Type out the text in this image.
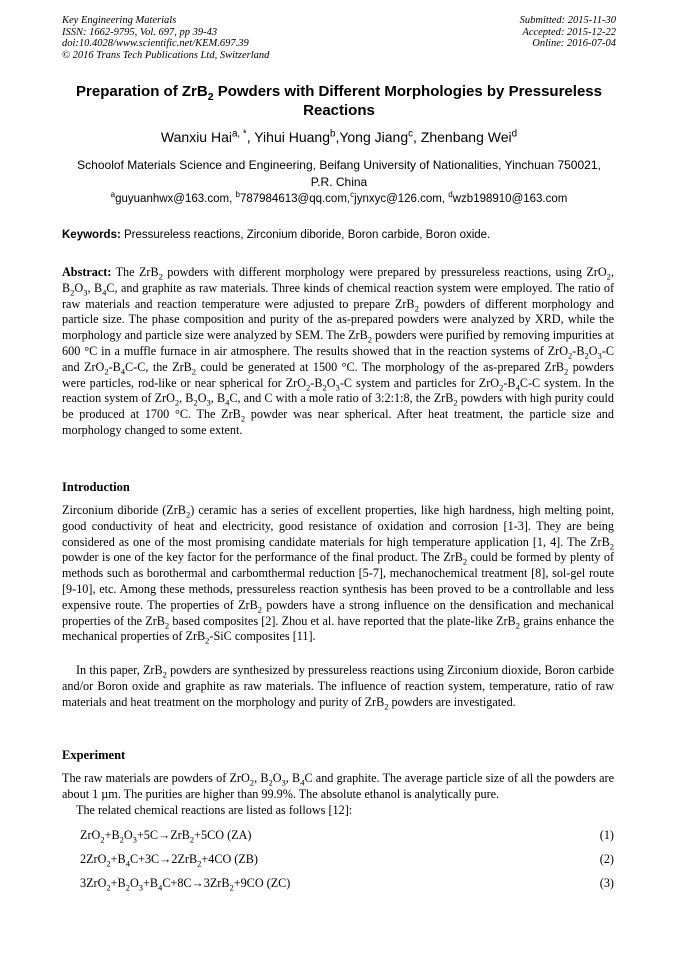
Key Engineering Materials
ISSN: 1662-9795, Vol. 697, pp 39-43
doi:10.4028/www.scientific.net/KEM.697.39
© 2016 Trans Tech Publications Ltd, Switzerland
Submitted: 2015-11-30
Accepted: 2015-12-22
Online: 2016-07-04
Preparation of ZrB$_2$ Powders with Different Morphologies by Pressureless Reactions
Wanxiu Hai$^{a, *}$, Yihui Huang$^b$,Yong Jiang$^c$, Zhenbang Wei$^d$
Schoolof Materials Science and Engineering, Beifang University of Nationalities, Yinchuan 750021,
P.R. China
$^a$guyuanhwx@163.com, $^b$787984613@qq.com,$^c$jynxyc@126.com, $^d$wzb198910@163.com
Keywords: Pressureless reactions, Zirconium diboride, Boron carbide, Boron oxide.
Abstract: The ZrB$_2$ powders with different morphology were prepared by pressureless reactions, using ZrO$_2$, $B_2O_3$, $B_4C$, and graphite as raw materials. Three kinds of chemical reaction system were employed. The ratio of raw materials and reaction temperature were adjusted to prepare ZrB$_2$ powders of different morphology and particle size. The phase composition and purity of the as-prepared powders were analyzed by XRD, while the morphology and particle size were analyzed by SEM. The ZrB$_2$ powders were purified by removing impurities at 600 °C in a muffle furnace in air atmosphere. The results showed that in the reaction systems of $ZrO_2-B_2O_3-C$ and $ZrO_2-B_4C-C$, the ZrB$_2$ could be generated at 1500 °C. The morphology of the as-prepared ZrB$_2$ powders were particles, rod-like or near spherical for $ZrO_2-B_2O_3-C$ system and particles for $ZrO_2-B_4C-C$ system. In the reaction system of ZrO$_2$, $B_2O_3$, $B_4C$, and C with a mole ratio of 3:2:1:8, the ZrB$_2$ powders with high purity could be produced at 1700 °C. The ZrB$_2$ powder was near spherical. After heat treatment, the particle size and morphology changed to some extent.
Introduction
Zirconium diboride (ZrB$_2$) ceramic has a series of excellent properties, like high hardness, high melting point, good conductivity of heat and electricity, good resistance of oxidation and corrosion [1-3]. They are being considered as one of the most promising candidate materials for high temperature application [1, 4]. The ZrB$_2$ powder is one of the key factor for the performance of the final product. The ZrB$_2$ could be formed by plenty of methods such as borothermal and carbomthermal reduction [5-7], mechanochemical treatment [8], sol-gel route [9-10], etc. Among these methods, pressureless reaction synthesis has been proved to be a controllable and less expensive route. The properties of ZrB$_2$ powders have a strong influence on the densification and mechanical properties of the ZrB$_2$ based composites [2]. Zhou et al. have reported that the plate-like ZrB$_2$ grains enhance the mechanical properties of ZrB$_2$-SiC composites [11].
In this paper, ZrB$_2$ powders are synthesized by pressureless reactions using Zirconium dioxide, Boron carbide and/or Boron oxide and graphite as raw materials. The influence of reaction system, temperature, ratio of raw materials and heat treatment on the morphology and purity of ZrB$_2$ powders are investigated.
Experiment
The raw materials are powders of ZrO$_2$, $B_2O_3$, $B_4C$ and graphite. The average particle size of all the powders are about 1 µm. The purities are higher than 99.9%. The absolute ethanol is analytically pure.
The related chemical reactions are listed as follows [12]:
$ZrO_2+B_2O_3+5C\to ZrB_2+5CO$ (ZA)	(1)
$2ZrO_2+B_4C+3C\to 2ZrB_2+4CO$ (ZB)	(2)
$3ZrO_2+B_2O_3+B_4C+8C\to 3ZrB_2+9CO$ (ZC)	(3)
